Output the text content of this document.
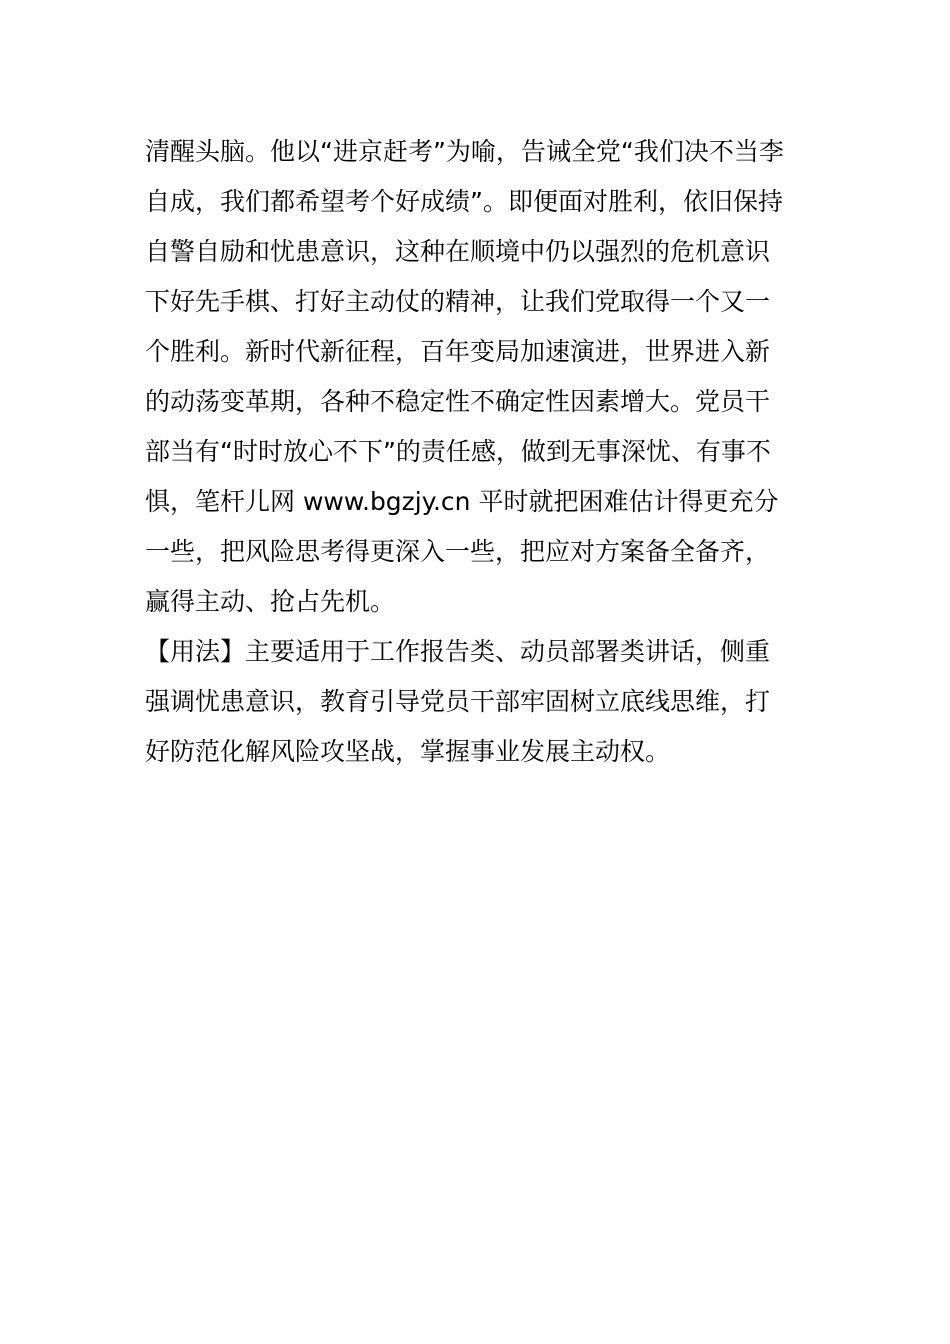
清醒头脑。他以“进京赶考”为喻，告诫全党“我们决不当李
自成，我们都希望考个好成绩”。即便面对胜利，依旧保持
自警自励和忧患意识，这种在顺境中仍以强烈的危机意识
下好先手棋、打好主动仗的精神，让我们党取得一个又一
个胜利。新时代新征程，百年变局加速演进，世界进入新
的动荡变革期，各种不稳定性不确定性因素增大。党员干
部当有“时时放心不下”的责任感，做到无事深忧、有事不
惧，笔杆儿网 www.bgzjy.cn 平时就把困难估计得更充分
一些，把风险思考得更深入一些，把应对方案备全备齐，
赢得主动、抢占先机。
【用法】主要适用于工作报告类、动员部署类讲话，侧重
强调忧患意识，教育引导党员干部牢固树立底线思维，打
好防范化解风险攻坚战，掌握事业发展主动权。
